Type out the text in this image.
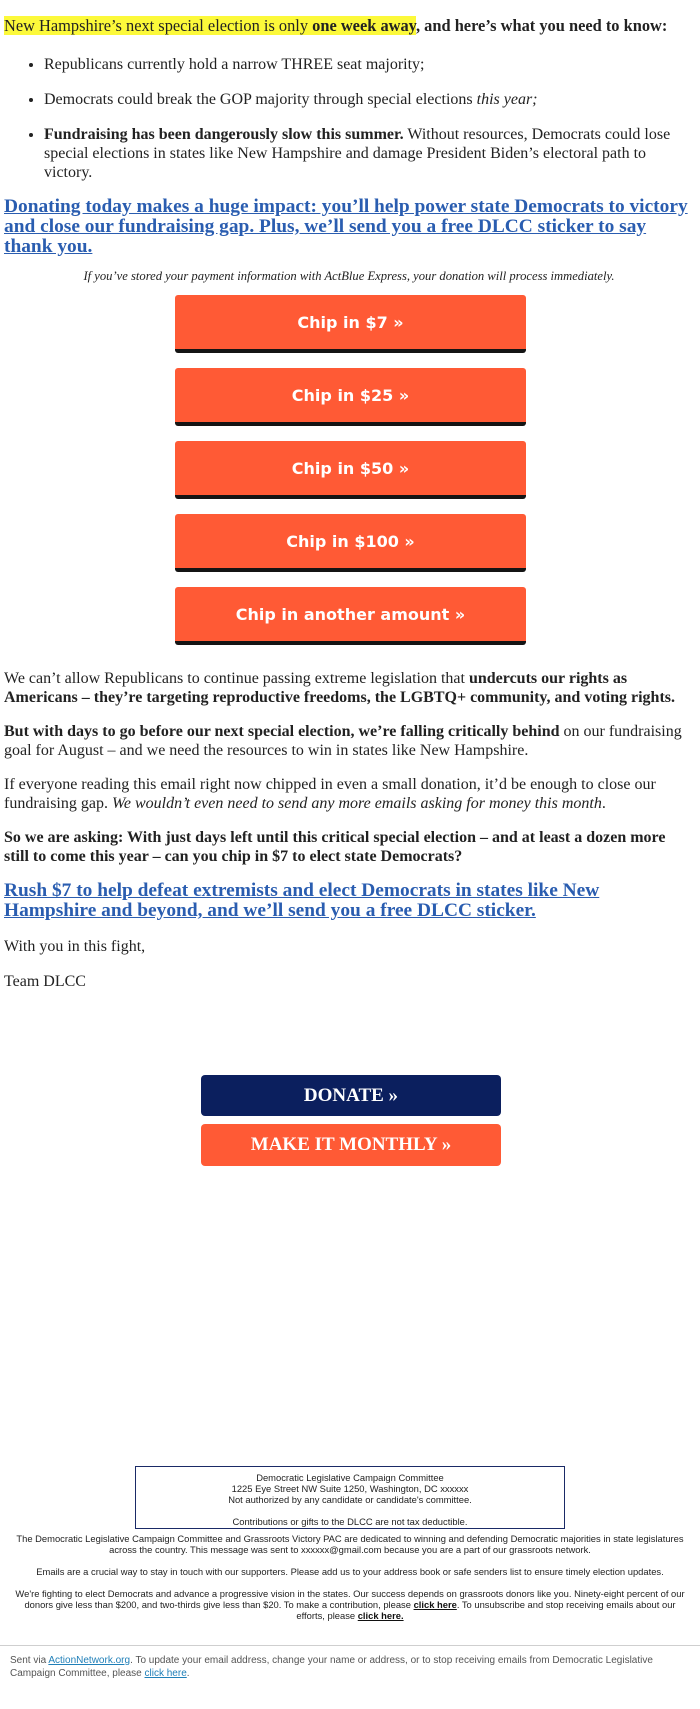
New Hampshire’s next special election is only one week away, and here’s what you need to know:

• Republicans currently hold a narrow THREE seat majority;
• Democrats could break the GOP majority through special elections this year;
• Fundraising has been dangerously slow this summer. Without resources, Democrats could lose special elections in states like New Hampshire and damage President Biden’s electoral path to victory.
Donating today makes a huge impact: you’ll help power state Democrats to victory and close our fundraising gap. Plus, we’ll send you a free DLCC sticker to say thank you.

If you’ve stored your payment information with ActBlue Express, your donation will process immediately.

Chip in $7 »
Chip in $25 »
Chip in $50 »
Chip in $100 »
Chip in another amount »

We can’t allow Republicans to continue passing extreme legislation that undercuts our rights as Americans – they’re targeting reproductive freedoms, the LGBTQ+ community, and voting rights.

But with days to go before our next special election, we’re falling critically behind on our fundraising goal for August – and we need the resources to win in states like New Hampshire.

If everyone reading this email right now chipped in even a small donation, it’d be enough to close our fundraising gap. We wouldn’t even need to send any more emails asking for money this month.

So we are asking: With just days left until this critical special election – and at least a dozen more still to come this year – can you chip in $7 to elect state Democrats?

Rush $7 to help defeat extremists and elect Democrats in states like New Hampshire and beyond, and we’ll send you a free DLCC sticker.

With you in this fight,

Team DLCC

DONATE »
MAKE IT MONTHLY »
Democratic Legislative Campaign Committee
1225 Eye Street NW Suite 1250, Washington, DC xxxxxx
Not authorized by any candidate or candidate's committee.
Contributions or gifts to the DLCC are not tax deductible.
The Democratic Legislative Campaign Committee and Grassroots Victory PAC are dedicated to winning and defending Democratic majorities in state legislatures across the country. This message was sent to xxxxxx@gmail.com because you are a part of our grassroots network.
Emails are a crucial way to stay in touch with our supporters. Please add us to your address book or safe senders list to ensure timely election updates.
We're fighting to elect Democrats and advance a progressive vision in the states. Our success depends on grassroots donors like you. Ninety-eight percent of our donors give less than $200, and two-thirds give less than $20. To make a contribution, please click here. To unsubscribe and stop receiving emails about our efforts, please click here.
Sent via ActionNetwork.org. To update your email address, change your name or address, or to stop receiving emails from Democratic Legislative Campaign Committee, please click here.
